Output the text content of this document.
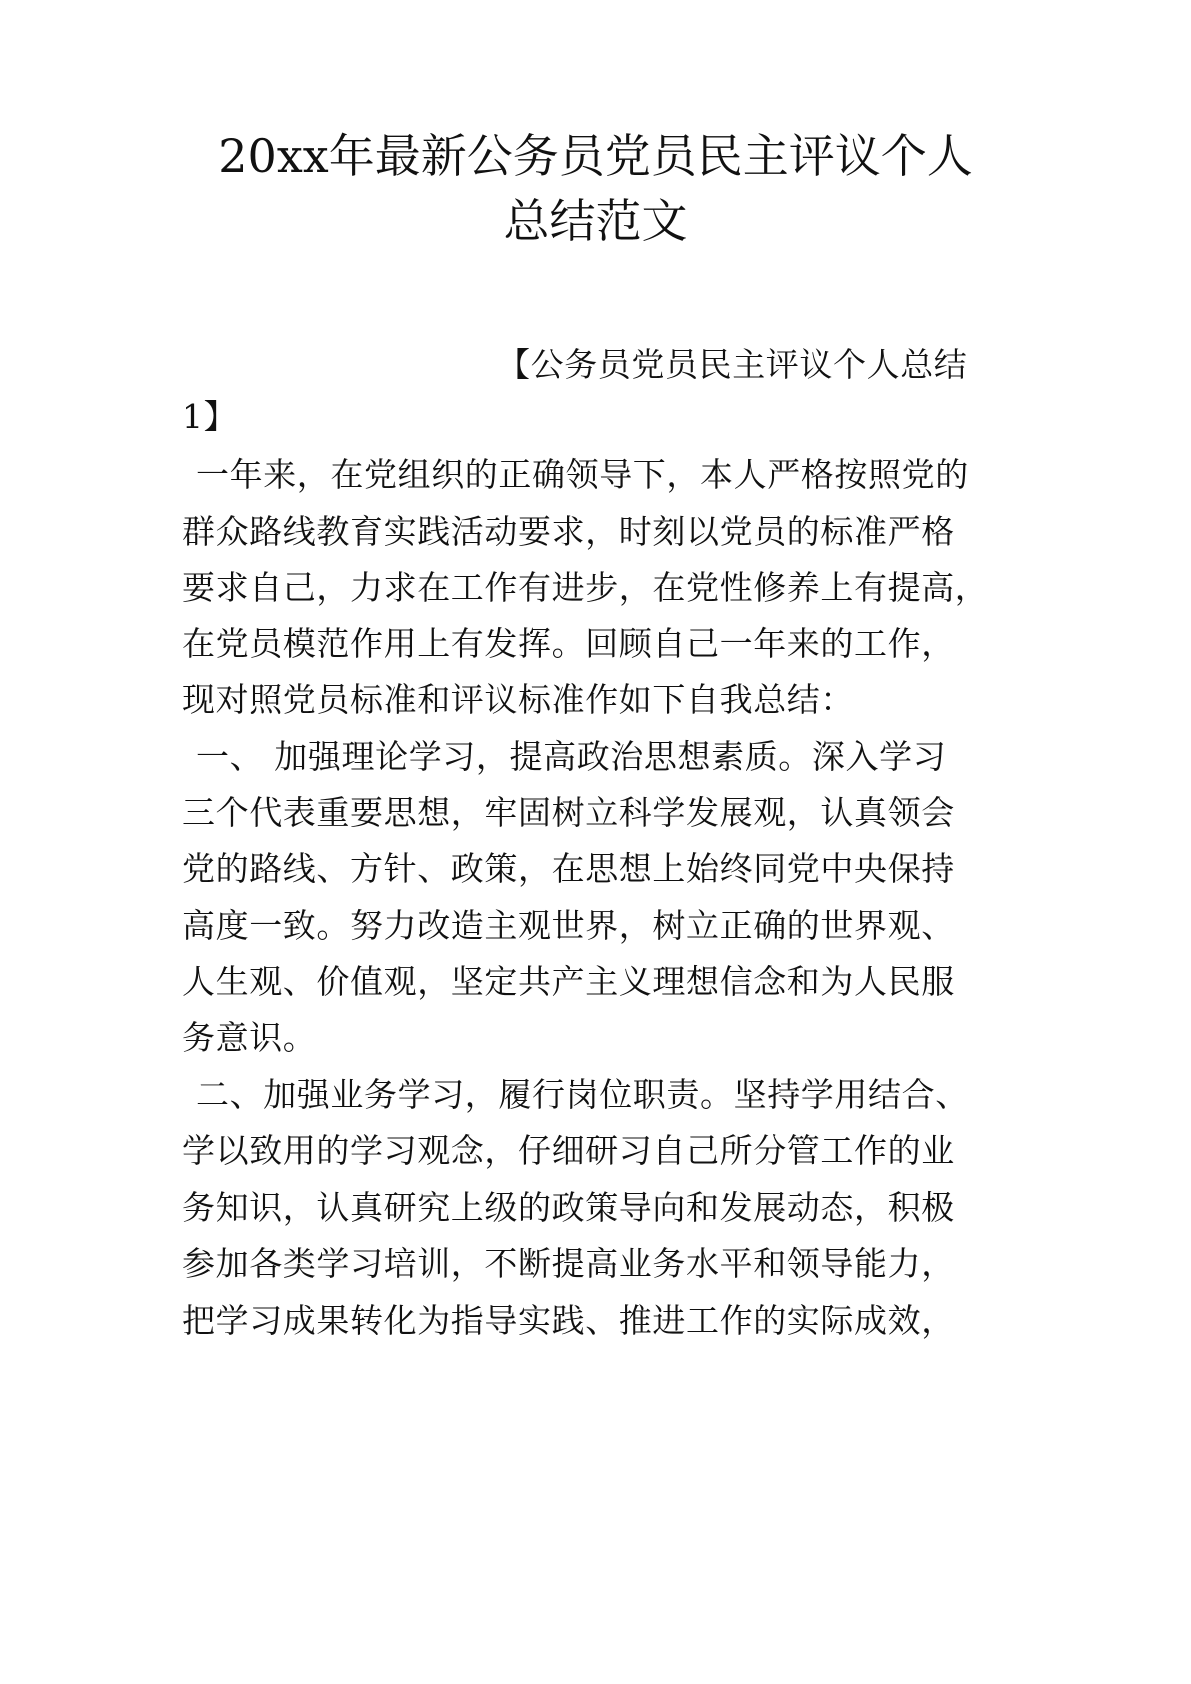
20xx年最新公务员党员民主评议个人
总结范文

【公务员党员民主评议个人总结

1】

一年来，在党组织的正确领导下，本人严格按照党的

群众路线教育实践活动要求，时刻以党员的标准严格

要求自己，力求在工作有进步，在党性修养上有提高，

在党员模范作用上有发挥。回顾自己一年来的工作，

现对照党员标准和评议标准作如下自我总结：

一、 加强理论学习，提高政治思想素质。深入学习

三个代表重要思想，牢固树立科学发展观，认真领会

党的路线、方针、政策，在思想上始终同党中央保持

高度一致。努力改造主观世界，树立正确的世界观、

人生观、价值观，坚定共产主义理想信念和为人民服

务意识。

二、加强业务学习，履行岗位职责。坚持学用结合、

学以致用的学习观念，仔细研习自己所分管工作的业

务知识，认真研究上级的政策导向和发展动态，积极

参加各类学习培训，不断提高业务水平和领导能力，

把学习成果转化为指导实践、推进工作的实际成效，
